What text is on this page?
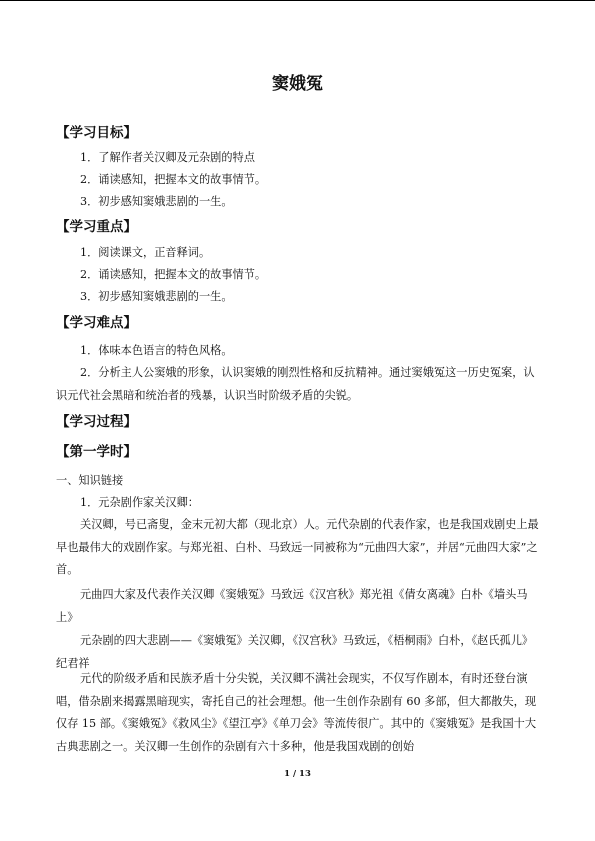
窦娥冤
【学习目标】
1．了解作者关汉卿及元杂剧的特点
2．诵读感知，把握本文的故事情节。
3．初步感知窦娥悲剧的一生。
【学习重点】
1．阅读课文，正音释词。
2．诵读感知，把握本文的故事情节。
3．初步感知窦娥悲剧的一生。
【学习难点】
1．体味本色语言的特色风格。
2．分析主人公窦娥的形象，认识窦娥的刚烈性格和反抗精神。通过窦娥冤这一历史冤案，认识元代社会黑暗和统治者的残暴，认识当时阶级矛盾的尖锐。
【学习过程】
【第一学时】
一、知识链接
1．元杂剧作家关汉卿：
关汉卿，号已斋叟，金末元初大都（现北京）人。元代杂剧的代表作家，也是我国戏剧史上最早也最伟大的戏剧作家。与郑光祖、白朴、马致远一同被称为“元曲四大家”，并居“元曲四大家”之首。
元曲四大家及代表作关汉卿《窦娥冤》马致远《汉宫秋》郑光祖《倩女离魂》白朴《墙头马上》
元杂剧的四大悲剧——《窦娥冤》关汉卿，《汉宫秋》马致远，《梧桐雨》白朴，《赵氏孤儿》纪君祥
元代的阶级矛盾和民族矛盾十分尖锐，关汉卿不满社会现实，不仅写作剧本，有时还登台演唱，借杂剧来揭露黑暗现实，寄托自己的社会理想。他一生创作杂剧有 60 多部，但大都散失，现仅存 15 部。《窦娥冤》《救风尘》《望江亭》《单刀会》等流传很广。其中的《窦娥冤》是我国十大古典悲剧之一。关汉卿一生创作的杂剧有六十多种，他是我国戏剧的创始
1 / 13
